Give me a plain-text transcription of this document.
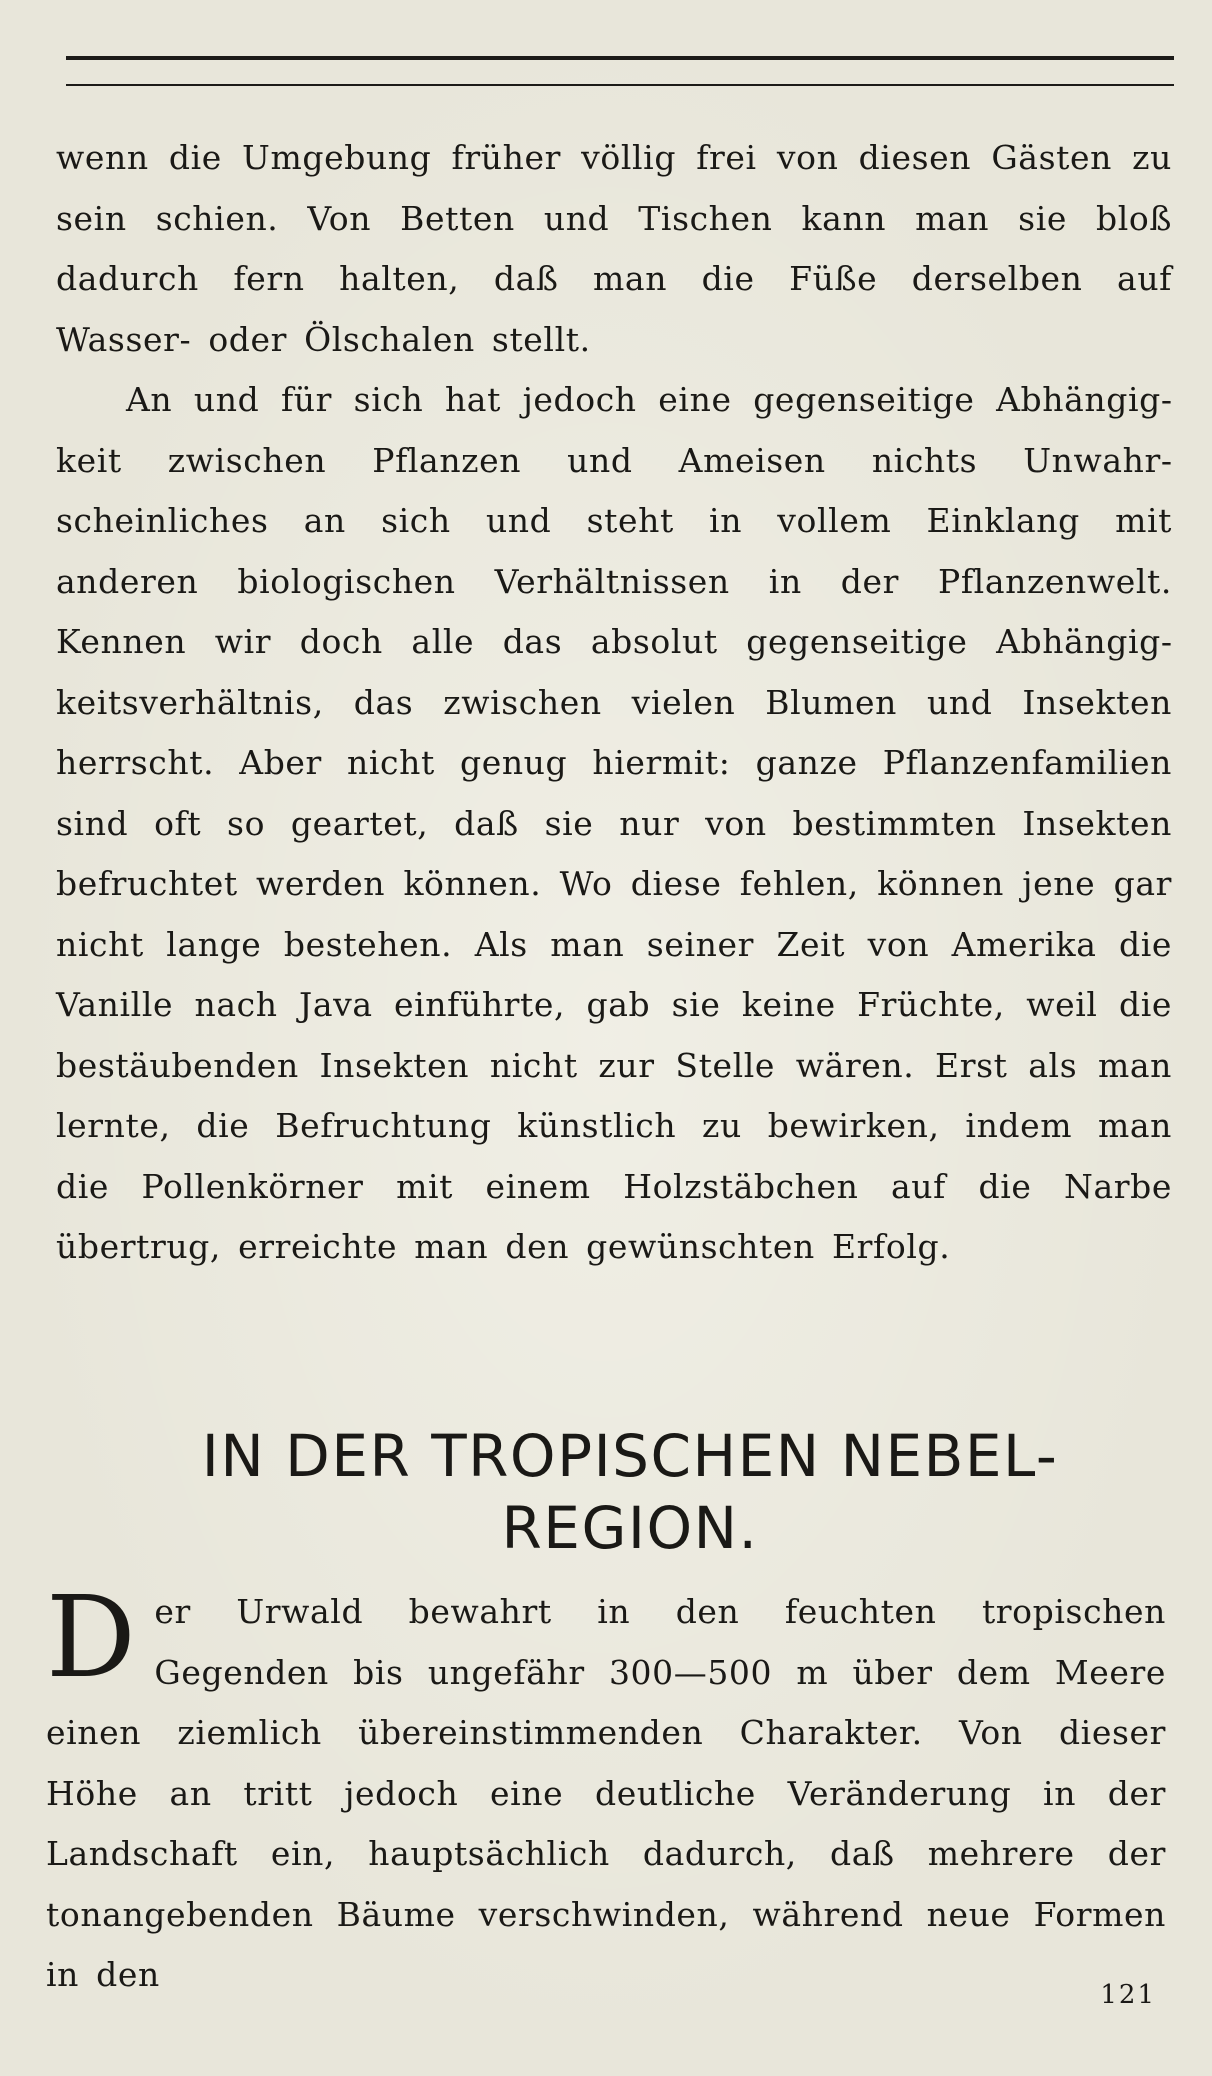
wenn die Umgebung früher völlig frei von diesen Gästen zu sein schien. Von Betten und Tischen kann man sie bloß dadurch fern halten, daß man die Füße derselben auf Wasser- oder Ölschalen stellt.

An und für sich hat jedoch eine gegenseitige Abhängigkeit zwischen Pflanzen und Ameisen nichts Unwahrscheinliches an sich und steht in vollem Einklang mit anderen biologischen Verhältnissen in der Pflanzenwelt. Kennen wir doch alle das absolut gegenseitige Abhängigkeitsverhältnis, das zwischen vielen Blumen und Insekten herrscht. Aber nicht genug hiermit: ganze Pflanzenfamilien sind oft so geartet, daß sie nur von bestimmten Insekten befruchtet werden können. Wo diese fehlen, können jene gar nicht lange bestehen. Als man seiner Zeit von Amerika die Vanille nach Java einführte, gab sie keine Früchte, weil die bestäubenden Insekten nicht zur Stelle wären. Erst als man lernte, die Befruchtung künstlich zu bewirken, indem man die Pollenkörner mit einem Holzstäbchen auf die Narbe übertrug, erreichte man den gewünschten Erfolg.

IN DER TROPISCHEN NEBEL-
REGION.

Der Urwald bewahrt in den feuchten tropischen Gegenden bis ungefähr 300—500 m über dem Meere einen ziemlich übereinstimmenden Charakter. Von dieser Höhe an tritt jedoch eine deutliche Veränderung in der Landschaft ein, hauptsächlich dadurch, daß mehrere der tonangebenden Bäume verschwinden, während neue Formen in den

121
